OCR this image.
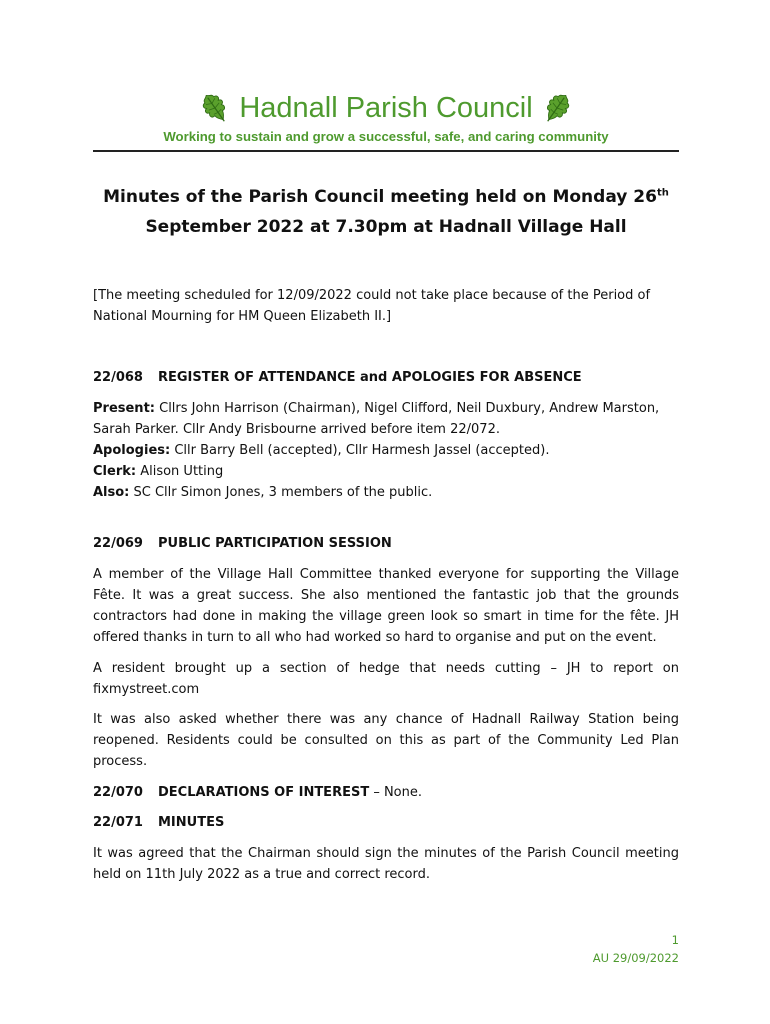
Hadnall Parish Council
Working to sustain and grow a successful, safe, and caring community
Minutes of the Parish Council meeting held on Monday 26th
September 2022 at 7.30pm at Hadnall Village Hall
[The meeting scheduled for 12/09/2022 could not take place because of the Period of National Mourning for HM Queen Elizabeth II.]
22/068 REGISTER OF ATTENDANCE and APOLOGIES FOR ABSENCE
Present: Cllrs John Harrison (Chairman), Nigel Clifford, Neil Duxbury, Andrew Marston, Sarah Parker. Cllr Andy Brisbourne arrived before item 22/072.
Apologies: Cllr Barry Bell (accepted), Cllr Harmesh Jassel (accepted).
Clerk: Alison Utting
Also: SC Cllr Simon Jones, 3 members of the public.
22/069 PUBLIC PARTICIPATION SESSION
A member of the Village Hall Committee thanked everyone for supporting the Village Fête. It was a great success. She also mentioned the fantastic job that the grounds contractors had done in making the village green look so smart in time for the fête. JH offered thanks in turn to all who had worked so hard to organise and put on the event.
A resident brought up a section of hedge that needs cutting – JH to report on fixmystreet.com
It was also asked whether there was any chance of Hadnall Railway Station being reopened. Residents could be consulted on this as part of the Community Led Plan process.
22/070 DECLARATIONS OF INTEREST – None.
22/071 MINUTES
It was agreed that the Chairman should sign the minutes of the Parish Council meeting held on 11th July 2022 as a true and correct record.
1
AU 29/09/2022
